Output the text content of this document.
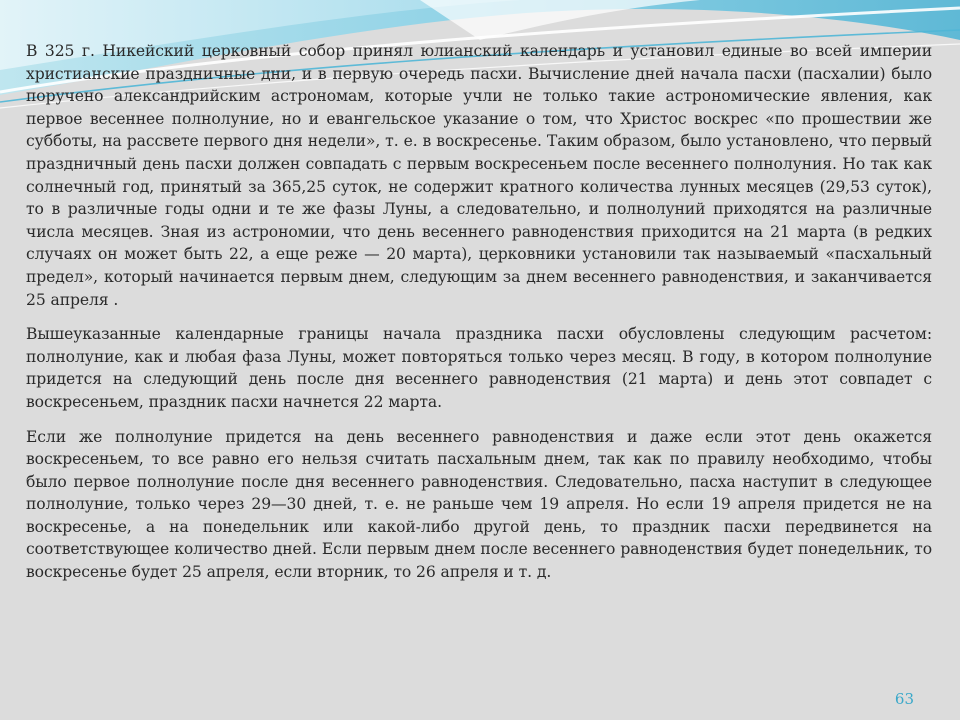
В 325 г. Никейский церковный собор принял юлианский календарь и установил единые во всей империи христианские праздничные дни, и в первую очередь пасхи. Вычисление дней начала пасхи (пасхалии) было поручено александрийским астрономам, которые учли не только такие астрономические явления, как первое весеннее полнолуние, но и евангельское указание о том, что Христос воскрес «по прошествии же субботы, на рассвете первого дня недели», т. е. в воскресенье. Таким образом, было установлено, что первый праздничный день пасхи должен совпадать с первым воскресеньем после весеннего полнолуния. Но так как солнечный год, принятый за 365,25 суток, не содержит кратного количества лунных месяцев (29,53 суток), то в различные годы одни и те же фазы Луны, а следовательно, и полнолуний приходятся на различные числа месяцев. Зная из астрономии, что день весеннего равноденствия приходится на 21 марта (в редких случаях он может быть 22, а еще реже — 20 марта), церковники установили так называемый «пасхальный предел», который начинается первым днем, следующим за днем весеннего равноденствия, и заканчивается 25 апреля .

Вышеуказанные календарные границы начала праздника пасхи обусловлены следующим расчетом: полнолуние, как и любая фаза Луны, может повторяться только через месяц. В году, в котором полнолуние придется на следующий день после дня весеннего равноденствия (21 марта) и день этот совпадет с воскресеньем, праздник пасхи начнется 22 марта.

Если же полнолуние придется на день весеннего равноденствия и даже если этот день окажется воскресеньем, то все равно его нельзя считать пасхальным днем, так как по правилу необходимо, чтобы было первое полнолуние после дня весеннего равноденствия. Следовательно, пасха наступит в следующее полнолуние, только через 29—30 дней, т. е. не раньше чем 19 апреля. Но если 19 апреля придется не на воскресенье, а на понедельник или какой-либо другой день, то праздник пасхи передвинется на соответствующее количество дней. Если первым днем после весеннего равноденствия будет понедельник, то воскресенье будет 25 апреля, если вторник, то 26 апреля и т. д.

63
